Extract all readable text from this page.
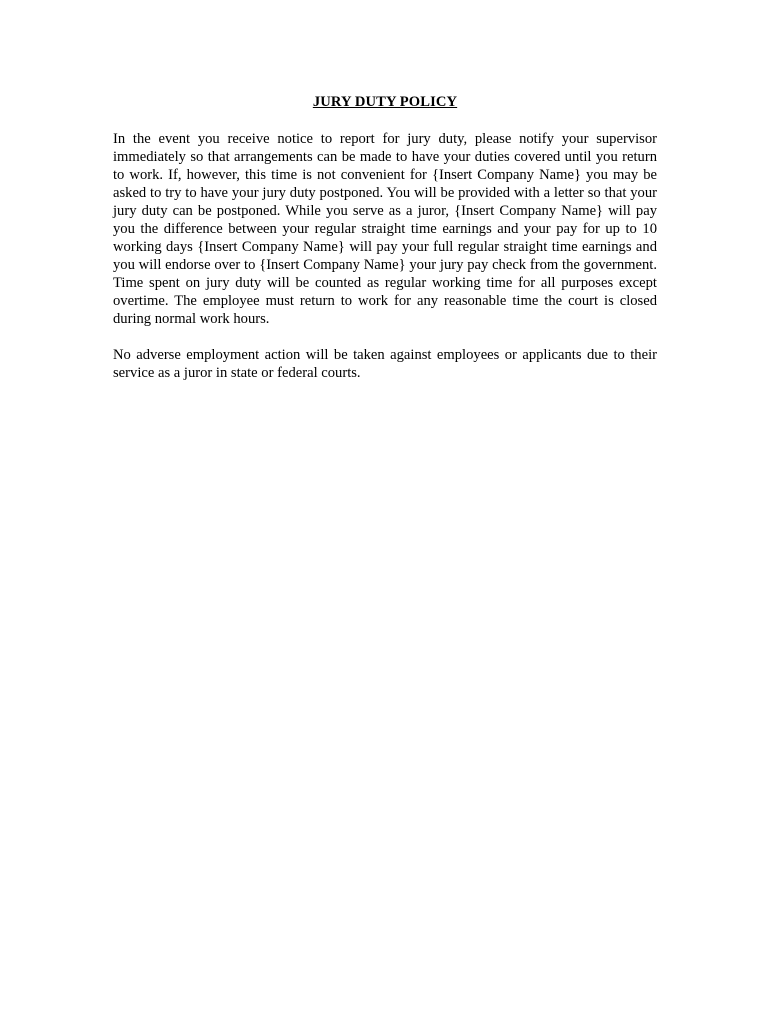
JURY DUTY POLICY

In the event you receive notice to report for jury duty, please notify your supervisor immediately so that arrangements can be made to have your duties covered until you return to work. If, however, this time is not convenient for {Insert Company Name} you may be asked to try to have your jury duty postponed. You will be provided with a letter so that your jury duty can be postponed. While you serve as a juror, {Insert Company Name} will pay you the difference between your regular straight time earnings and your pay for up to 10 working days {Insert Company Name} will pay your full regular straight time earnings and you will endorse over to {Insert Company Name} your jury pay check from the government. Time spent on jury duty will be counted as regular working time for all purposes except overtime. The employee must return to work for any reasonable time the court is closed during normal work hours.

No adverse employment action will be taken against employees or applicants due to their service as a juror in state or federal courts.
